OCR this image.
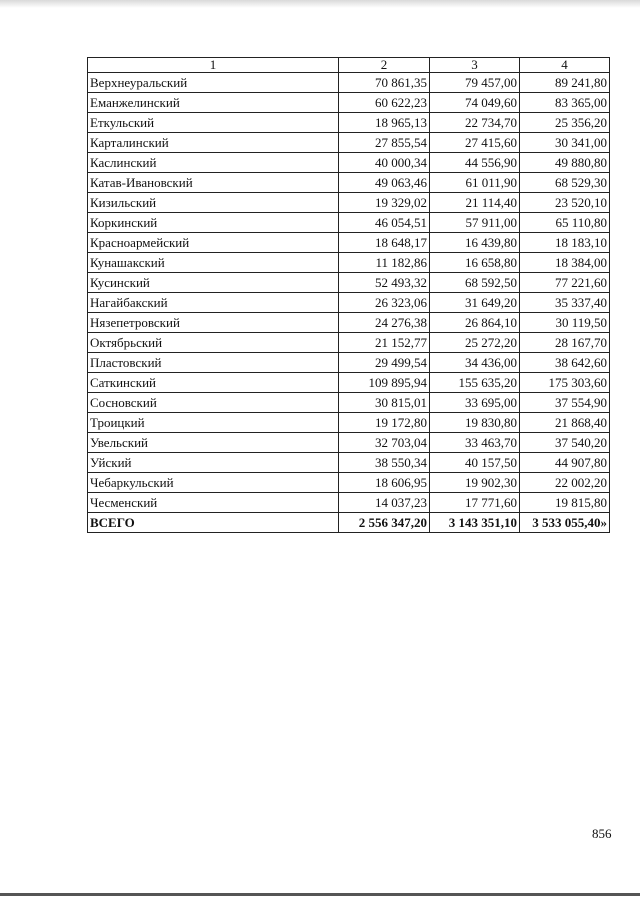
1	2	3	4
Верхнеуральский	70 861,35	79 457,00	89 241,80
Еманжелинский	60 622,23	74 049,60	83 365,00
Еткульский	18 965,13	22 734,70	25 356,20
Карталинский	27 855,54	27 415,60	30 341,00
Каслинский	40 000,34	44 556,90	49 880,80
Катав-Ивановский	49 063,46	61 011,90	68 529,30
Кизильский	19 329,02	21 114,40	23 520,10
Коркинский	46 054,51	57 911,00	65 110,80
Красноармейский	18 648,17	16 439,80	18 183,10
Кунашакский	11 182,86	16 658,80	18 384,00
Кусинский	52 493,32	68 592,50	77 221,60
Нагайбакский	26 323,06	31 649,20	35 337,40
Нязепетровский	24 276,38	26 864,10	30 119,50
Октябрьский	21 152,77	25 272,20	28 167,70
Пластовский	29 499,54	34 436,00	38 642,60
Саткинский	109 895,94	155 635,20	175 303,60
Сосновский	30 815,01	33 695,00	37 554,90
Троицкий	19 172,80	19 830,80	21 868,40
Увельский	32 703,04	33 463,70	37 540,20
Уйский	38 550,34	40 157,50	44 907,80
Чебаркульский	18 606,95	19 902,30	22 002,20
Чесменский	14 037,23	17 771,60	19 815,80
ВСЕГО	2 556 347,20	3 143 351,10	3 533 055,40»
856
